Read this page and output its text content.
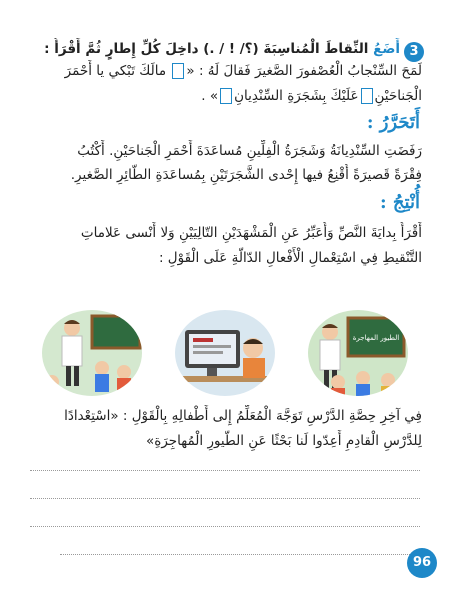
3
أَضَعُ النِّقاطَ الْمُناسِبَةَ (؟/ ! / .) داخِلَ كُلِّ إِطارٍ ثُمَّ أَقْرَأُ :
لَمَحَ السِّنْجابُ الْعُصْفورَ الصَّغيرَ فَقالَ لَهُ : « مالَكَ تَبْكي يا أَحْمَرَ
الْجَناحَيْنِعَلَيْكَ بِشَجَرَةِ السِّنْدِيانِ» .
أَتَحَرَّرُ :
رَفَضَتِ السِّنْدِيانَةُ وَشَجَرَةُ الْفِلِّينِ مُساعَدَةَ أَحْمَرِ الْجَناحَيْنِ. أَكْتُبُ
فِقْرَةً قَصيرَةً أُقْنِعُ فيها إِحْدى الشَّجَرَتَيْنِ بِمُساعَدَةِ الطّائِرِ الصَّغيرِ.
أُنْتِجُ :
أَقْرَأُ بِدايَةَ النَّصِّ وَأُعَبِّرُ عَنِ الْمَشْهَدَيْنِ التّالِيَيْنِ وَلا أَنْسى عَلاماتِ
التَّنْقيطِ فِي اسْتِعْمالِ الْأَفْعالِ الدّالَّةِ عَلَى الْقَوْلِ :
الطيور المهاجرة
فِي آخِرِ حِصَّةِ الدَّرْسِ تَوَجَّهَ الْمُعَلِّمُ إِلى أَطْفالِهِ بِالْقَوْلِ : «اسْتِعْدادًا
لِلدَّرْسِ الْقادِمِ أَعِدّوا لَنا بَحْثًا عَنِ الطُّيورِ الْمُهاجِرَةِ»
96
